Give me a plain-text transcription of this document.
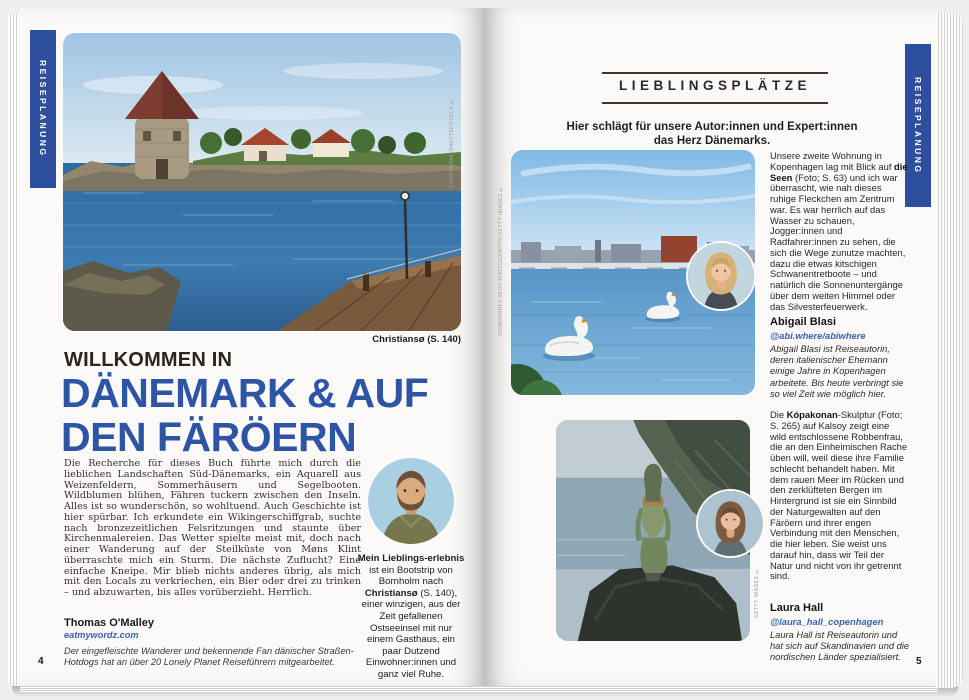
REISEPLANUNG	REISEPLANUNG
KONRADBAK/SHUTTERSTOCK ©
Christiansø (S. 140)
WILLKOMMEN IN
DÄNEMARK & AUF
DEN FÄRÖERN
Die Recherche für dieses Buch führte mich durch die lieblichen Landschaften Süd-Dänemarks, ein Aquarell aus Weizenfeldern, Sommerhäusern und Segelbooten. Wildblumen blühen, Fähren tuckern zwischen den Inseln. Alles ist so wunderschön, so wohltuend. Auch Geschichte ist hier spürbar. Ich erkundete ein Wikingerschiffgrab, suchte nach bronzezeitlichen Felsritzungen und staunte über Kirchenmalereien. Das Wetter spielte meist mit, doch nach einer Wanderung auf der Steilküste von Møns Klint überraschte mich ein Sturm. Die nächste Zuflucht? Eine einfache Kneipe. Mir blieb nichts anderes übrig, als mich mit den Locals zu verkriechen, ein Bier oder drei zu trinken – und abzuwarten, bis alles vorüberzieht. Herrlich.
Thomas O'Malley
eatmywordz.com
Der eingefleischte Wanderer und bekennende Fan dänischer Straßen-Hotdogs hat an über 20 Lonely Planet Reiseführern mitgearbeitet.
4
Mein Lieblings-erlebnis ist ein Bootstrip von Bornholm nach Christiansø (S. 140), einer winzigen, aus der Zeit gefallenen Ostseeinsel mit nur einem Gasthaus, ein paar Dutzend Einwohner:innen und ganz viel Ruhe.
LIEBLINGSPLÄTZE
Hier schlägt für unsere Autor:innen und Expert:innen
das Herz Dänemarks.
JONATHANFILSKOV-PHOTOGRAPHY/GETTY IMAGES ©
Unsere zweite Wohnung in Kopenhagen lag mit Blick auf die Seen (Foto; S. 63) und ich war überrascht, wie nah dieses ruhige Fleckchen am Zentrum war. Es war herrlich auf das Wasser zu schauen, Jogger:innen und Radfahrer:innen zu sehen, die sich die Wege zunutze machten, dazu die etwas kitschigen Schwanentretboote – und natürlich die Sonnenuntergänge über dem weiten Himmel oder das Silvesterfeuerwerk.
Abigail Blasi
@abi.where/abiwhere
Abigail Blasi ist Reiseautorin, deren italienischer Ehemann einige Jahre in Kopenhagen arbeitete. Bis heute verbringt sie so viel Zeit wie möglich hier.
GETTY IMAGES ©
Die Kópakonan-Skulptur (Foto; S. 265) auf Kalsoy zeigt eine wild entschlossene Robbenfrau, die an den Einheimischen Rache üben will, weil diese ihre Familie schlecht behandelt haben. Mit dem rauen Meer im Rücken und den zerklüfteten Bergen im Hintergrund ist sie ein Sinnbild der Naturgewalten auf den Färöern und ihrer engen Verbindung mit den Menschen, die hier leben. Sie weist uns darauf hin, dass wir Teil der Natur und nicht von ihr getrennt sind.
Laura Hall
@laura_hall_copenhagen
Laura Hall ist Reiseautorin und hat sich auf Skandinavien und die nordischen Länder spezialisiert.	5
